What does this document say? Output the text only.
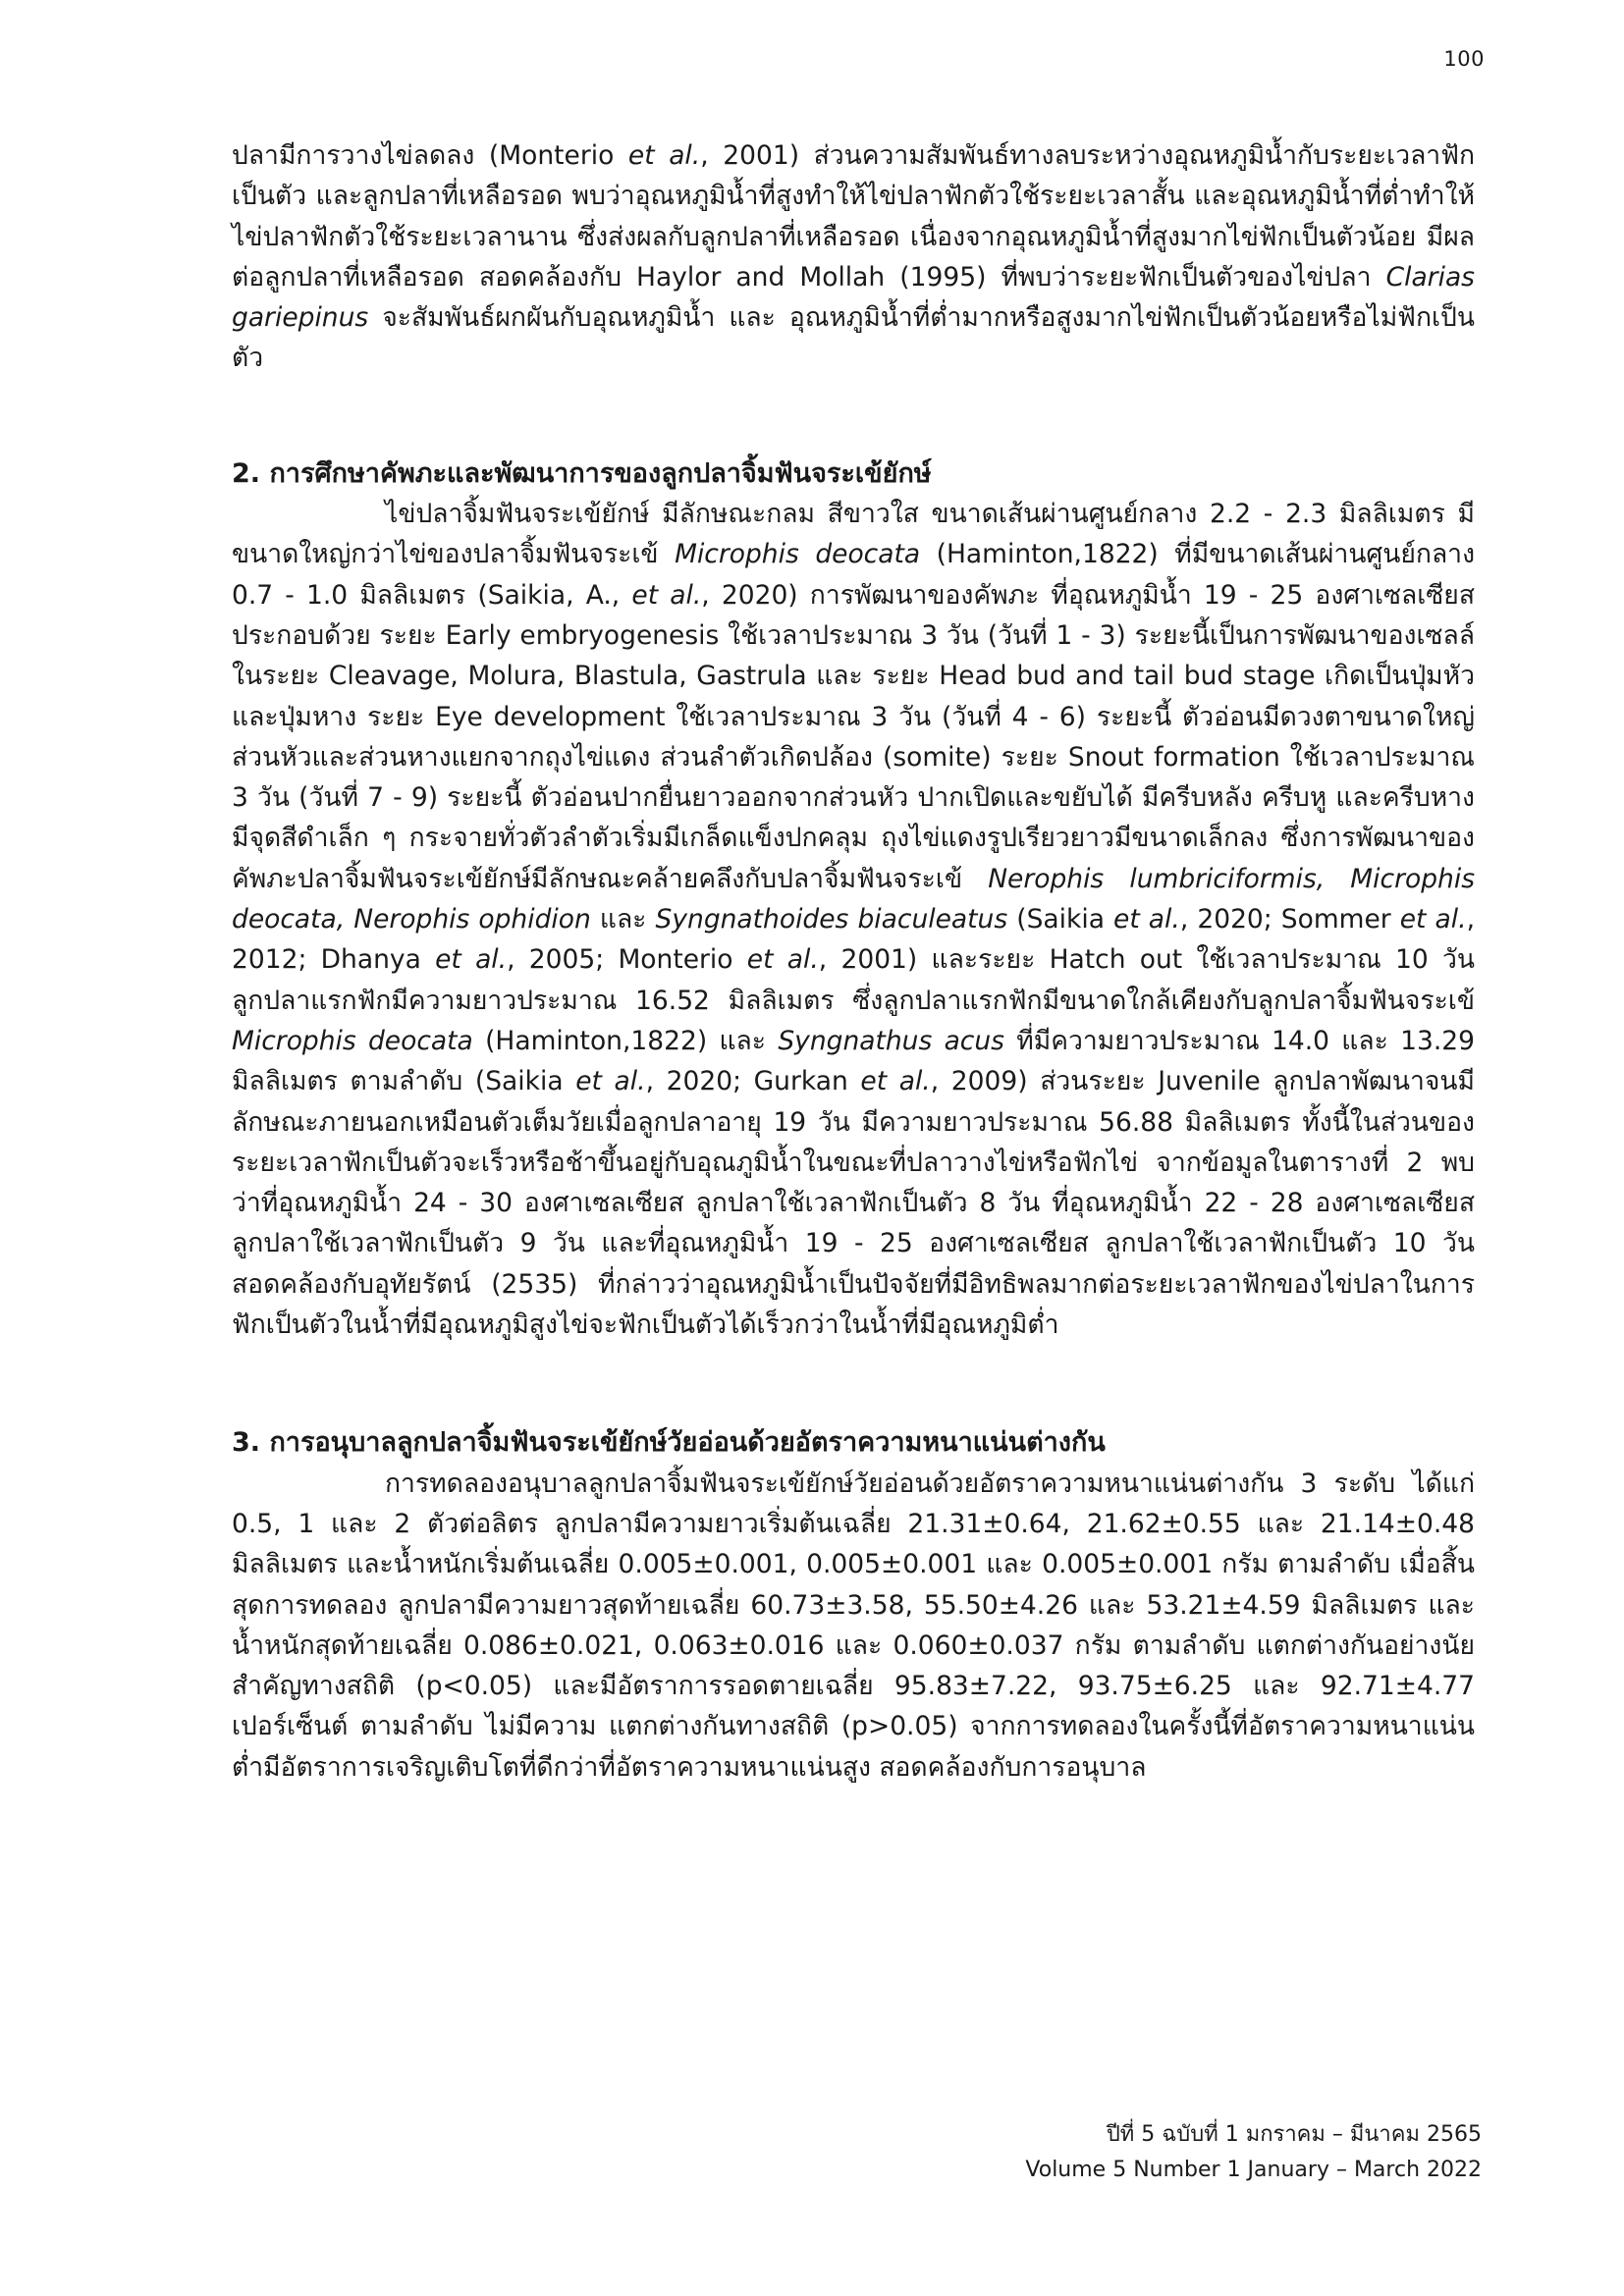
100

ปลามีการวางไข่ลดลง (Monterio et al., 2001) ส่วนความสัมพันธ์ทางลบระหว่างอุณหภูมิน้ำกับระยะเวลาฟักเป็นตัว และลูกปลาที่เหลือรอด พบว่าอุณหภูมิน้ำที่สูงทำให้ไข่ปลาฟักตัวใช้ระยะเวลาสั้น และอุณหภูมิน้ำที่ต่ำทำให้ไข่ปลาฟักตัวใช้ระยะเวลานาน ซึ่งส่งผลกับลูกปลาที่เหลือรอด เนื่องจากอุณหภูมิน้ำที่สูงมากไข่ฟักเป็นตัวน้อย มีผลต่อลูกปลาที่เหลือรอด สอดคล้องกับ Haylor and Mollah (1995) ที่พบว่าระยะฟักเป็นตัวของไข่ปลา Clarias gariepinus จะสัมพันธ์ผกผันกับอุณหภูมิน้ำ และ อุณหภูมิน้ำที่ต่ำมากหรือสูงมากไข่ฟักเป็นตัวน้อยหรือไม่ฟักเป็นตัว

2. การศึกษาคัพภะและพัฒนาการของลูกปลาจิ้มฟันจระเข้ยักษ์

ไข่ปลาจิ้มฟันจระเข้ยักษ์ มีลักษณะกลม สีขาวใส ขนาดเส้นผ่านศูนย์กลาง 2.2 - 2.3 มิลลิเมตร มีขนาดใหญ่กว่าไข่ของปลาจิ้มฟันจระเข้ Microphis deocata (Haminton,1822) ที่มีขนาดเส้นผ่านศูนย์กลาง 0.7 - 1.0 มิลลิเมตร (Saikia, A., et al., 2020) การพัฒนาของคัพภะ ที่อุณหภูมิน้ำ 19 - 25 องศาเซลเซียส ประกอบด้วย ระยะ Early embryogenesis ใช้เวลาประมาณ 3 วัน (วันที่ 1 - 3) ระยะนี้เป็นการพัฒนาของเซลล์ในระยะ Cleavage, Molura, Blastula, Gastrula และ ระยะ Head bud and tail bud stage เกิดเป็นปุ่มหัวและปุ่มหาง ระยะ Eye development ใช้เวลาประมาณ 3 วัน (วันที่ 4 - 6) ระยะนี้ ตัวอ่อนมีดวงตาขนาดใหญ่ ส่วนหัวและส่วนหางแยกจากถุงไข่แดง ส่วนลำตัวเกิดปล้อง (somite) ระยะ Snout formation ใช้เวลาประมาณ 3 วัน (วันที่ 7 - 9) ระยะนี้ ตัวอ่อนปากยื่นยาวออกจากส่วนหัว ปากเปิดและขยับได้ มีครีบหลัง ครีบหู และครีบหาง มีจุดสีดำเล็ก ๆ กระจายทั่วตัวลำตัวเริ่มมีเกล็ดแข็งปกคลุม ถุงไข่แดงรูปเรียวยาวมีขนาดเล็กลง ซึ่งการพัฒนาของคัพภะปลาจิ้มฟันจระเข้ยักษ์มีลักษณะคล้ายคลึงกับปลาจิ้มฟันจระเข้ Nerophis lumbriciformis, Microphis deocata, Nerophis ophidion และ Syngnathoides biaculeatus (Saikia et al., 2020; Sommer et al., 2012; Dhanya et al., 2005; Monterio et al., 2001) และระยะ Hatch out ใช้เวลาประมาณ 10 วัน ลูกปลาแรกฟักมีความยาวประมาณ 16.52 มิลลิเมตร ซึ่งลูกปลาแรกฟักมีขนาดใกล้เคียงกับลูกปลาจิ้มฟันจระเข้ Microphis deocata (Haminton,1822) และ Syngnathus acus ที่มีความยาวประมาณ 14.0 และ 13.29 มิลลิเมตร ตามลำดับ (Saikia et al., 2020; Gurkan et al., 2009) ส่วนระยะ Juvenile ลูกปลาพัฒนาจนมีลักษณะภายนอกเหมือนตัวเต็มวัยเมื่อลูกปลาอายุ 19 วัน มีความยาวประมาณ 56.88 มิลลิเมตร ทั้งนี้ในส่วนของระยะเวลาฟักเป็นตัวจะเร็วหรือช้าขึ้นอยู่กับอุณภูมิน้ำในขณะที่ปลาวางไข่หรือฟักไข่ จากข้อมูลในตารางที่ 2 พบว่าที่อุณหภูมิน้ำ 24 - 30 องศาเซลเซียส ลูกปลาใช้เวลาฟักเป็นตัว 8 วัน ที่อุณหภูมิน้ำ 22 - 28 องศาเซลเซียส ลูกปลาใช้เวลาฟักเป็นตัว 9 วัน และที่อุณหภูมิน้ำ 19 - 25 องศาเซลเซียส ลูกปลาใช้เวลาฟักเป็นตัว 10 วัน สอดคล้องกับอุทัยรัตน์ (2535) ที่กล่าวว่าอุณหภูมิน้ำเป็นปัจจัยที่มีอิทธิพลมากต่อระยะเวลาฟักของไข่ปลาในการฟักเป็นตัวในน้ำที่มีอุณหภูมิสูงไข่จะฟักเป็นตัวได้เร็วกว่าในน้ำที่มีอุณหภูมิต่ำ

3. การอนุบาลลูกปลาจิ้มฟันจระเข้ยักษ์วัยอ่อนด้วยอัตราความหนาแน่นต่างกัน

การทดลองอนุบาลลูกปลาจิ้มฟันจระเข้ยักษ์วัยอ่อนด้วยอัตราความหนาแน่นต่างกัน 3 ระดับ ได้แก่ 0.5, 1 และ 2 ตัวต่อลิตร ลูกปลามีความยาวเริ่มต้นเฉลี่ย 21.31±0.64, 21.62±0.55 และ 21.14±0.48 มิลลิเมตร และน้ำหนักเริ่มต้นเฉลี่ย 0.005±0.001, 0.005±0.001 และ 0.005±0.001 กรัม ตามลำดับ เมื่อสิ้นสุดการทดลอง ลูกปลามีความยาวสุดท้ายเฉลี่ย 60.73±3.58, 55.50±4.26 และ 53.21±4.59 มิลลิเมตร และน้ำหนักสุดท้ายเฉลี่ย 0.086±0.021, 0.063±0.016 และ 0.060±0.037 กรัม ตามลำดับ แตกต่างกันอย่างนัยสำคัญทางสถิติ (p<0.05) และมีอัตราการรอดตายเฉลี่ย 95.83±7.22, 93.75±6.25 และ 92.71±4.77 เปอร์เซ็นต์ ตามลำดับ ไม่มีความ แตกต่างกันทางสถิติ (p>0.05) จากการทดลองในครั้งนี้ที่อัตราความหนาแน่นต่ำมีอัตราการเจริญเติบโตที่ดีกว่าที่อัตราความหนาแน่นสูง สอดคล้องกับการอนุบาล

ปีที่ 5 ฉบับที่ 1 มกราคม – มีนาคม 2565
Volume 5 Number 1 January – March 2022
